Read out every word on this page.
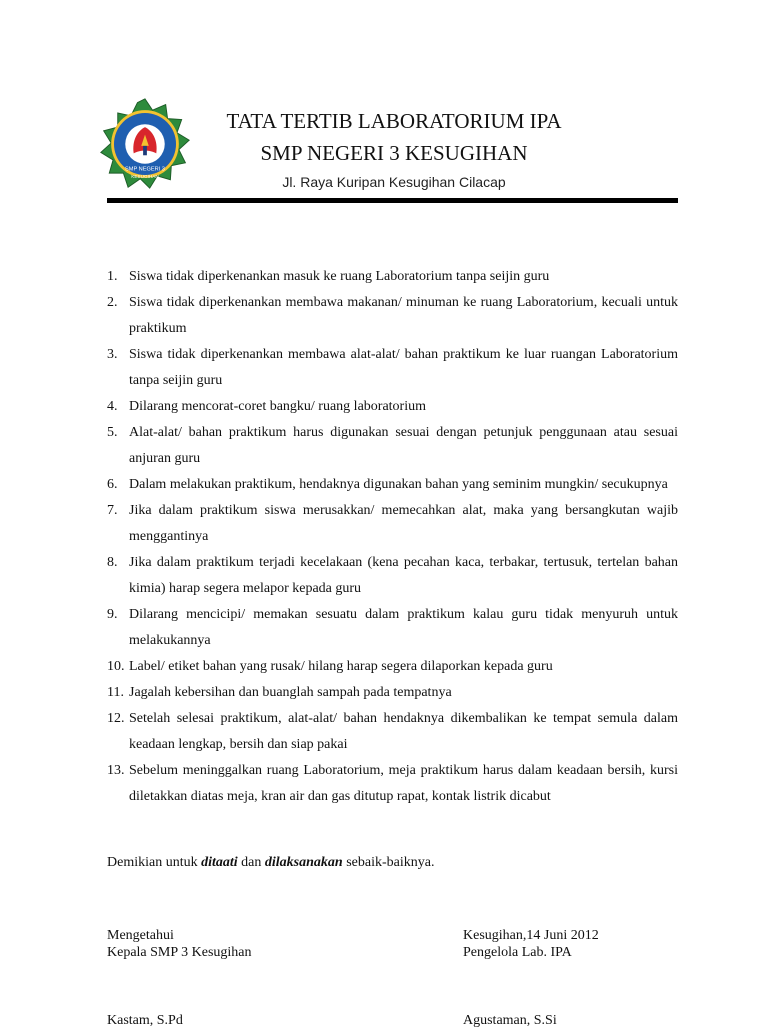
SMP NEGERI 3
KESUGIHAN
TATA TERTIB LABORATORIUM IPA
SMP NEGERI 3 KESUGIHAN
Jl. Raya Kuripan Kesugihan Cilacap
1. Siswa tidak diperkenankan masuk ke ruang Laboratorium tanpa seijin guru
2. Siswa tidak diperkenankan membawa makanan/ minuman ke ruang Laboratorium, kecuali untuk praktikum
3. Siswa tidak diperkenankan membawa alat-alat/ bahan praktikum ke luar ruangan Laboratorium tanpa seijin guru
4. Dilarang mencorat-coret bangku/ ruang laboratorium
5. Alat-alat/ bahan praktikum harus digunakan sesuai dengan petunjuk penggunaan atau sesuai anjuran guru
6. Dalam melakukan praktikum, hendaknya digunakan bahan yang seminim mungkin/ secukupnya
7. Jika dalam praktikum siswa merusakkan/ memecahkan alat, maka yang bersangkutan wajib menggantinya
8. Jika dalam praktikum terjadi kecelakaan (kena pecahan kaca, terbakar, tertusuk, tertelan bahan kimia) harap segera melapor kepada guru
9. Dilarang mencicipi/ memakan sesuatu dalam praktikum kalau guru tidak menyuruh untuk melakukannya
10. Label/ etiket bahan yang rusak/ hilang harap segera dilaporkan kepada guru
11. Jagalah kebersihan dan buanglah sampah pada tempatnya
12. Setelah selesai praktikum, alat-alat/ bahan hendaknya dikembalikan ke tempat semula dalam keadaan lengkap, bersih dan siap pakai
13. Sebelum meninggalkan ruang Laboratorium, meja praktikum harus dalam keadaan bersih, kursi diletakkan diatas meja, kran air dan gas ditutup rapat, kontak listrik dicabut
Demikian untuk ditaati dan dilaksanakan sebaik-baiknya.
Mengetahui
Kepala SMP 3 Kesugihan
Kesugihan,14 Juni 2012
Pengelola Lab. IPA
Kastam, S.Pd	Agustaman, S.Si
